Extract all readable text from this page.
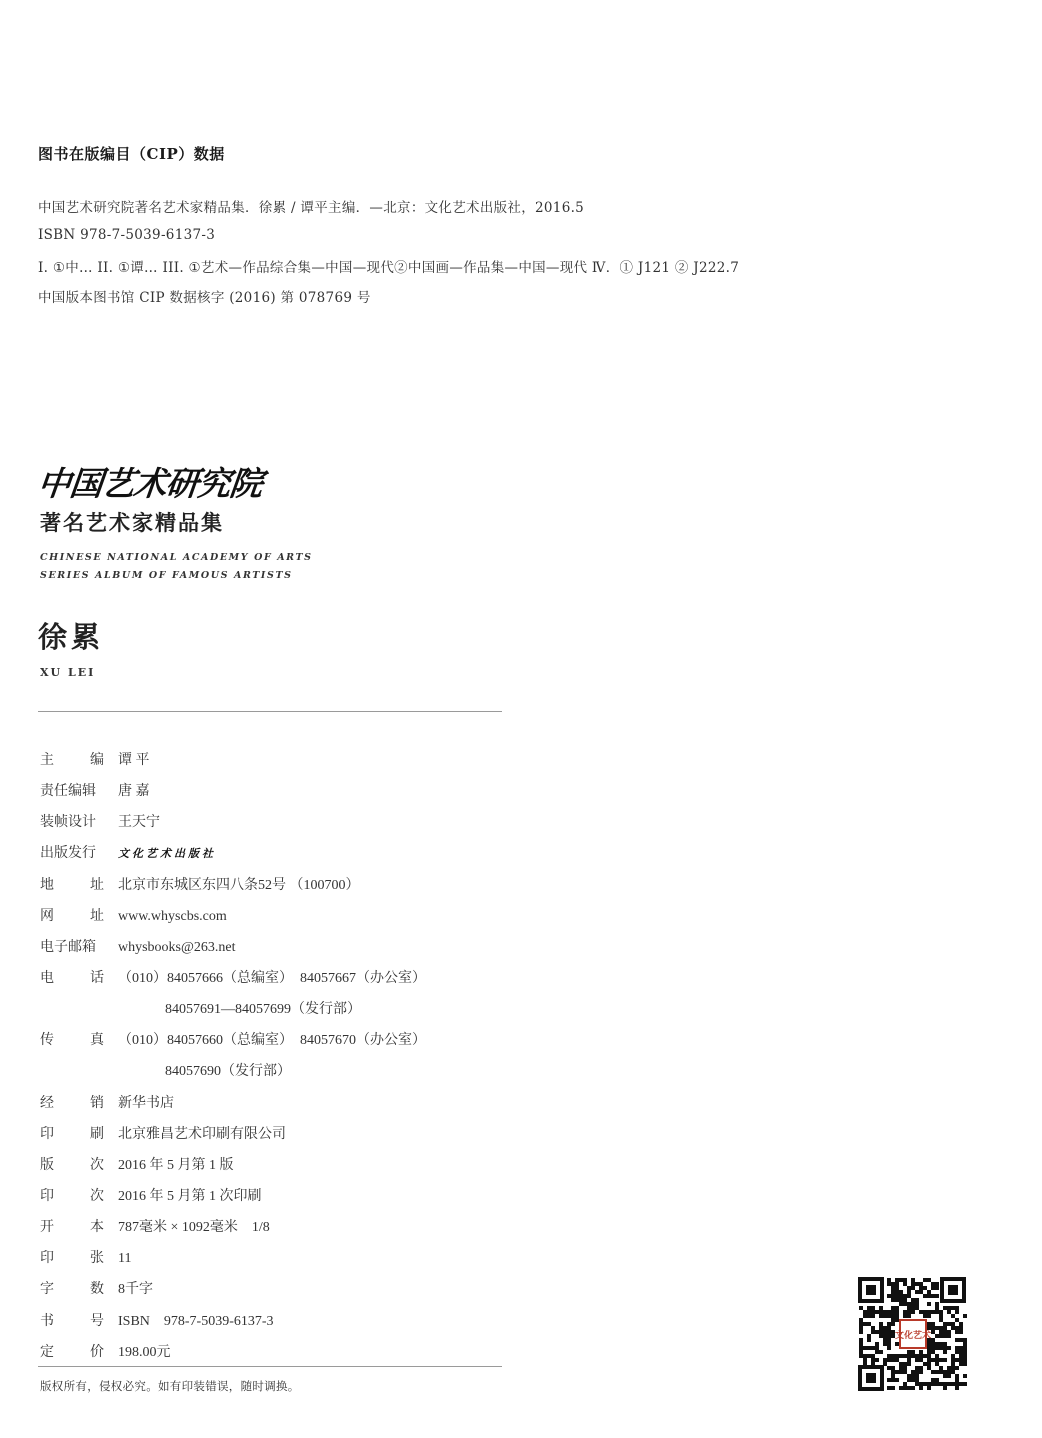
图书在版编目（CIP）数据
中国艺术研究院著名艺术家精品集．徐累 / 谭平主编．—北京：文化艺术出版社，2016.5
ISBN 978-7-5039-6137-3
I. ①中… II. ①谭… III. ①艺术—作品综合集—中国—现代②中国画—作品集—中国—现代 Ⅳ．① J121 ② J222.7
中国版本图书馆 CIP 数据核字 (2016) 第 078769 号
中国艺术研究院
著名艺术家精品集
CHINESE NATIONAL ACADEMY OF ARTS
SERIES ALBUM OF FAMOUS ARTISTS
徐累
XU LEI
主	编 谭 平
责任编辑	唐 嘉
装帧设计	王天宁
出版发行	文化艺术出版社
地	址 北京市东城区东四八条52号 （100700）
网	址 www.whyscbs.com
电子邮箱	whysbooks@263.net
电	话 （010）84057666（总编室）　84057667（办公室）
84057691—84057699（发行部）
传	真 （010）84057660（总编室）　84057670（办公室）
84057690（发行部）
经	销 新华书店
印	刷 北京雅昌艺术印刷有限公司
版	次 2016 年 5 月第 1 版
印	次 2016 年 5 月第 1 次印刷
开	本 787毫米 × 1092毫米　1/8
印	张 11
字	数 8千字
书	号 ISBN　978-7-5039-6137-3
定	价 198.00元
版权所有，侵权必究。如有印装错误，随时调换。
文化艺术
